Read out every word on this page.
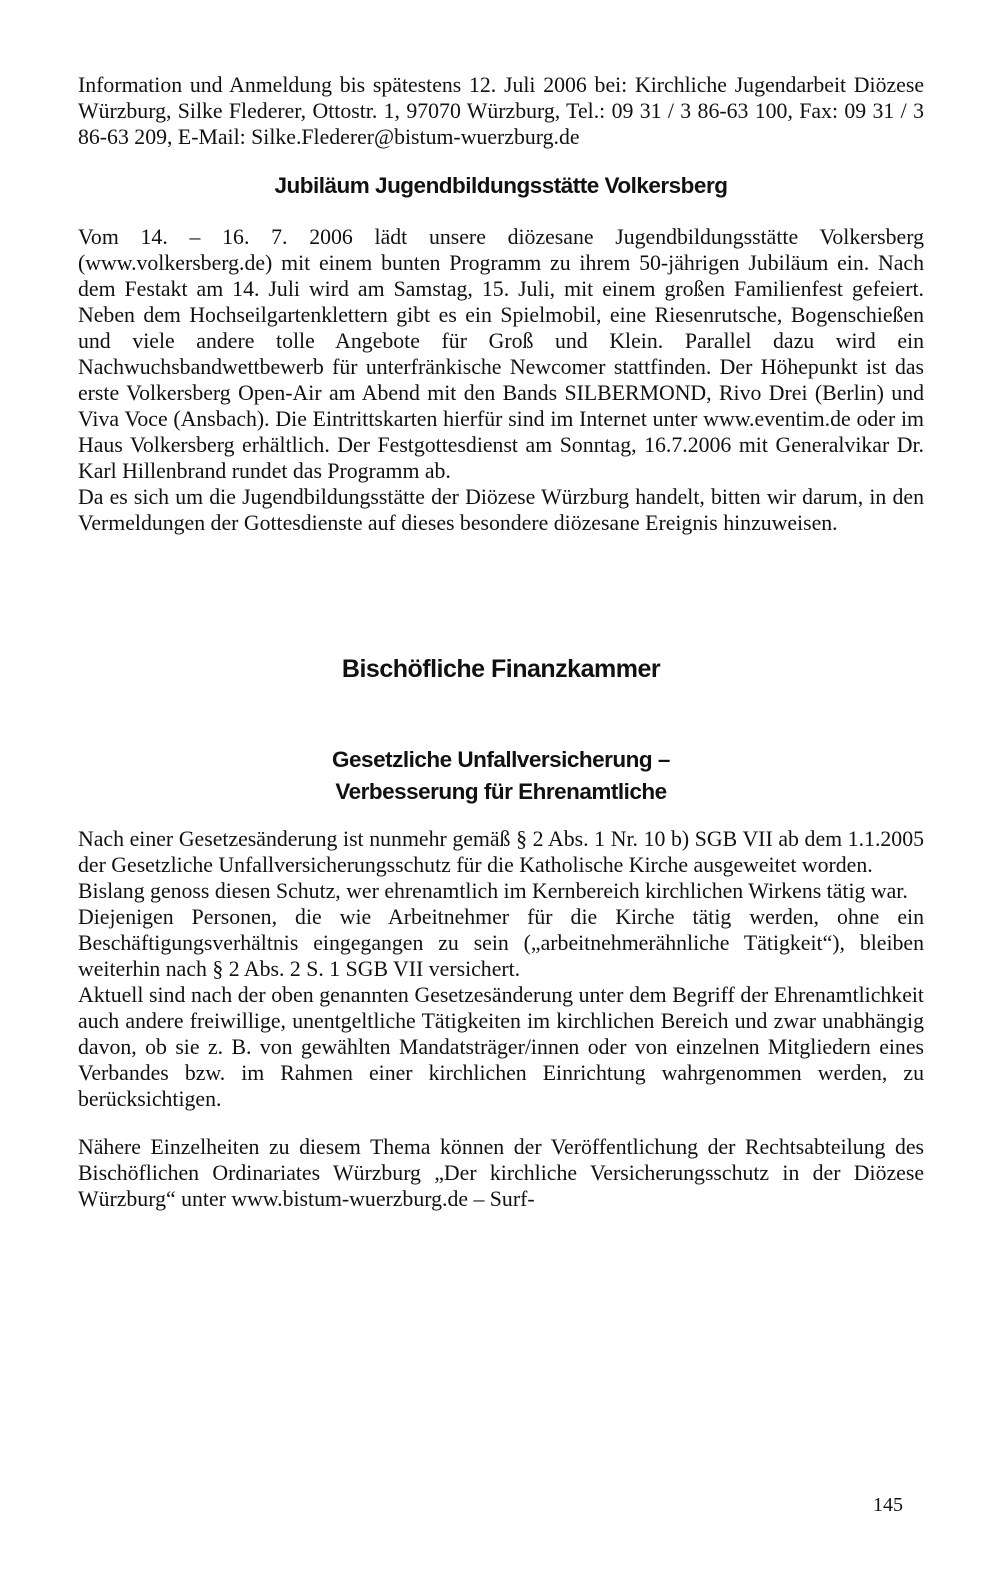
Information und Anmeldung bis spätestens 12. Juli 2006 bei: Kirchliche Jugendarbeit Diözese Würzburg, Silke Flederer, Ottostr. 1, 97070 Würzburg, Tel.: 09 31 / 3 86-63 100, Fax: 09 31 / 3 86-63 209, E-Mail: Silke.Flederer@bistum-wuerzburg.de

Jubiläum Jugendbildungsstätte Volkersberg

Vom 14. – 16. 7. 2006 lädt unsere diözesane Jugendbildungsstätte Volkersberg (www.volkersberg.de) mit einem bunten Programm zu ihrem 50-jährigen Jubiläum ein. Nach dem Festakt am 14. Juli wird am Samstag, 15. Juli, mit einem großen Familienfest gefeiert. Neben dem Hochseilgartenklettern gibt es ein Spielmobil, eine Riesenrutsche, Bogenschießen und viele andere tolle Angebote für Groß und Klein. Parallel dazu wird ein Nachwuchsbandwettbewerb für unterfränkische Newcomer stattfinden. Der Höhepunkt ist das erste Volkersberg Open-Air am Abend mit den Bands SILBERMOND, Rivo Drei (Berlin) und Viva Voce (Ansbach). Die Eintrittskarten hierfür sind im Internet unter www.eventim.de oder im Haus Volkersberg erhältlich. Der Festgottesdienst am Sonntag, 16.7.2006 mit Generalvikar Dr. Karl Hillenbrand rundet das Programm ab.

Da es sich um die Jugendbildungsstätte der Diözese Würzburg handelt, bitten wir darum, in den Vermeldungen der Gottesdienste auf dieses besondere diözesane Ereignis hinzuweisen.

Bischöfliche Finanzkammer
Gesetzliche Unfallversicherung –
Verbesserung für Ehrenamtliche

Nach einer Gesetzesänderung ist nunmehr gemäß § 2 Abs. 1 Nr. 10 b) SGB VII ab dem 1.1.2005 der Gesetzliche Unfallversicherungsschutz für die Katholische Kirche ausgeweitet worden.

Bislang genoss diesen Schutz, wer ehrenamtlich im Kernbereich kirchlichen Wirkens tätig war.

Diejenigen Personen, die wie Arbeitnehmer für die Kirche tätig werden, ohne ein Beschäftigungsverhältnis eingegangen zu sein („arbeitnehmerähnliche Tätigkeit“), bleiben weiterhin nach § 2 Abs. 2 S. 1 SGB VII versichert.

Aktuell sind nach der oben genannten Gesetzesänderung unter dem Begriff der Ehrenamtlichkeit auch andere freiwillige, unentgeltliche Tätigkeiten im kirchlichen Bereich und zwar unabhängig davon, ob sie z. B. von gewählten Mandatsträger/innen oder von einzelnen Mitgliedern eines Verbandes bzw. im Rahmen einer kirchlichen Einrichtung wahrgenommen werden, zu berücksichtigen.

Nähere Einzelheiten zu diesem Thema können der Veröffentlichung der Rechtsabteilung des Bischöflichen Ordinariates Würzburg „Der kirchliche Versicherungsschutz in der Diözese Würzburg“ unter www.bistum-wuerzburg.de – Surf-

145
